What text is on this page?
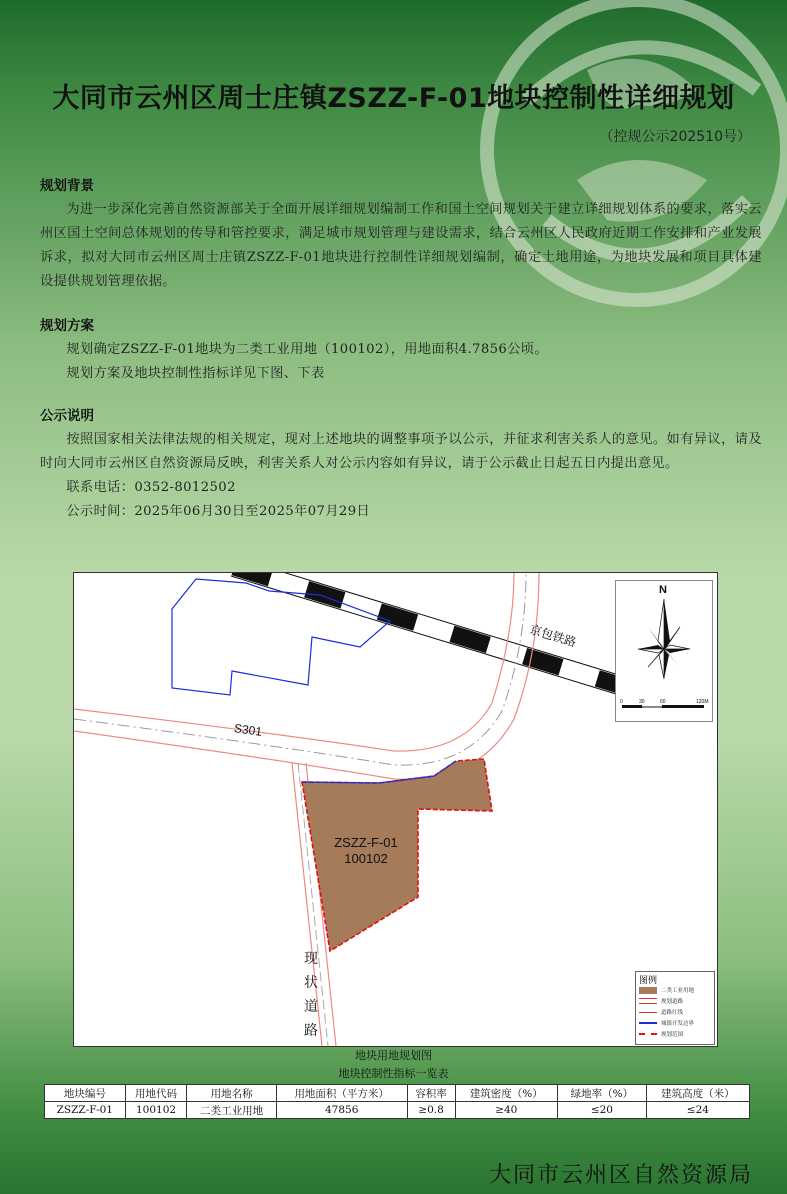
大同市云州区周士庄镇ZSZZ-F-01地块控制性详细规划
（控规公示202510号）
规划背景
为进一步深化完善自然资源部关于全面开展详细规划编制工作和国土空间规划关于建立详细规划体系的要求，落实云州区国土空间总体规划的传导和管控要求，满足城市规划管理与建设需求，结合云州区人民政府近期工作安排和产业发展诉求，拟对大同市云州区周士庄镇ZSZZ-F-01地块进行控制性详细规划编制，确定土地用途，为地块发展和项目具体建设提供规划管理依据。
规划方案
规划确定ZSZZ-F-01地块为二类工业用地（100102），用地面积4.7856公顷。
规划方案及地块控制性指标详见下图、下表
公示说明
按照国家相关法律法规的相关规定，现对上述地块的调整事项予以公示，并征求利害关系人的意见。如有异议，请及时向大同市云州区自然资源局反映，利害关系人对公示内容如有异议，请于公示截止日起五日内提出意见。
联系电话：0352-8012502
公示时间：2025年06月30日至2025年07月29日
京包铁路
S301
ZSZZ-F-01
100102
现
状
道
路
N
0	30	60	120M
图例
二类工业用地
规划道路
道路红线
城镇开发边界
规划范围
地块用地规划图
地块控制性指标一览表
地块编号	用地代码	用地名称	用地面积（平方米）	容积率	建筑密度（%）	绿地率（%）	建筑高度（米）
ZSZZ-F-01	100102	二类工业用地	47856	≥0.8	≥40	≤20	≤24
大同市云州区自然资源局
